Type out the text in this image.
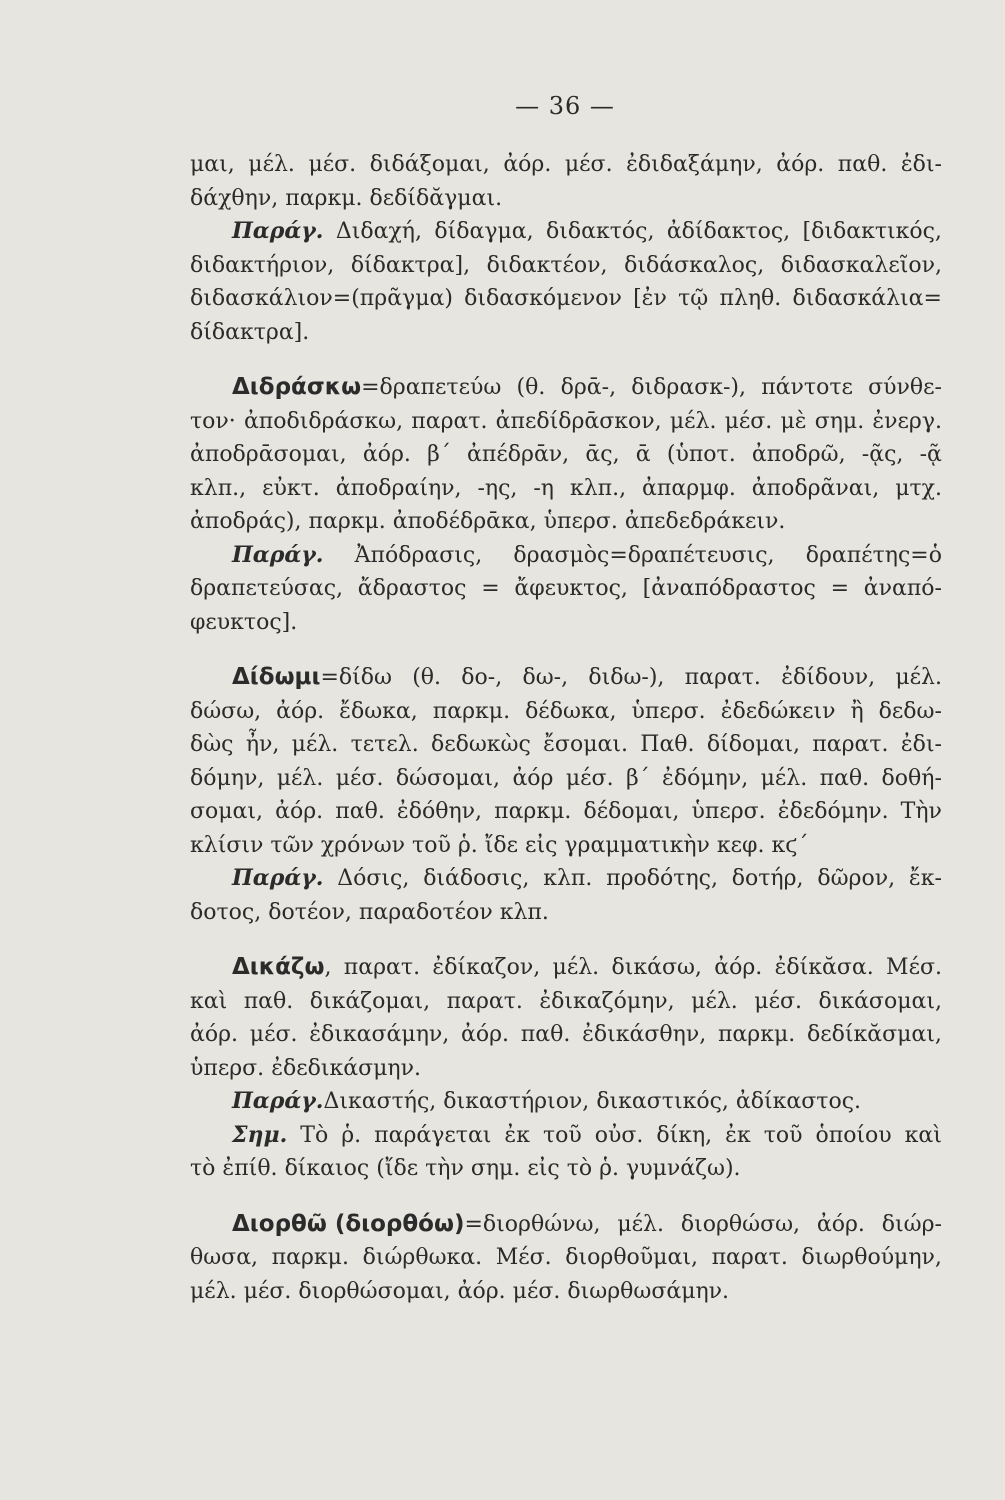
— 36 —
μαι, μέλ. μέσ. διδάξομαι, ἀόρ. μέσ. ἐδιδαξάμην, ἀόρ. παθ. ἐδι-
δάχθην,
παρκμ.
δεδίδᾰγμαι.
Παράγ. Διδαχή, δίδαγμα, διδακτός, ἀδίδακτος, [διδακτικός,
διδακτήριον, δίδακτρα], διδακτέον, διδάσκαλος, διδασκαλεῖον,
διδασκάλιον=(πρᾶγμα) διδασκόμενον [ἐν τῷ πληθ. διδασκάλια=
δίδακτρα].
Διδράσκω=δραπετεύω (θ. δρᾱ-, διδρασκ-), πάντοτε σύνθε-
τον· ἀποδιδράσκω, παρατ. ἀπεδίδρᾱσκον, μέλ. μέσ. μὲ σημ. ἐνεργ.
ἀποδρᾱσομαι, ἀόρ. β΄ ἀπέδρᾱν, ᾱς, ᾱ (ὑποτ. ἀποδρῶ, -ᾷς, -ᾷ
κλπ., εὐκτ. ἀποδραίην, -ης, -η κλπ., ἀπαρμφ. ἀποδρᾶναι, μτχ.
ἀποδράς),
παρκμ.
ἀποδέδρᾱκα,
ὑπερσ.
ἀπεδεδράκειν.
Παράγ. Ἀπόδρασις, δρασμὸς=δραπέτευσις, δραπέτης=ὁ
δραπετεύσας, ἄδραστος = ἄφευκτος, [ἀναπόδραστος = ἀναπό-
φευκτος].
Δίδωμι=δίδω (θ. δο-, δω-, διδω-), παρατ. ἐδίδουν, μέλ.
δώσω, ἀόρ. ἔδωκα, παρκμ. δέδωκα, ὑπερσ. ἐδεδώκειν ἢ δεδω-
δὼς ἦν, μέλ. τετελ. δεδωκὼς ἔσομαι. Παθ. δίδομαι, παρατ. ἐδι-
δόμην, μέλ. μέσ. δώσομαι, ἀόρ μέσ. β΄ ἐδόμην, μέλ. παθ. δοθή-
σομαι, ἀόρ. παθ. ἐδόθην, παρκμ. δέδομαι, ὑπερσ. ἐδεδόμην. Τὴν
κλίσιν
τῶν
χρόνων
τοῦ
ῥ.
ἴδε
εἰς
γραμματικὴν
κεφ.
κϛ΄
Παράγ. Δόσις, διάδοσις, κλπ. προδότης, δοτήρ, δῶρον, ἔκ-
δοτος,
δοτέον,
παραδοτέον
κλπ.
Δικάζω, παρατ. ἐδίκαζον, μέλ. δικάσω, ἀόρ. ἐδίκᾰσα. Μέσ.
καὶ παθ. δικάζομαι, παρατ. ἐδικαζόμην, μέλ. μέσ. δικάσομαι,
ἀόρ. μέσ. ἐδικασάμην, ἀόρ. παθ. ἐδικάσθην, παρκμ. δεδίκᾰσμαι,
ὑπερσ.
ἐδεδικάσμην.
Παράγ. Δικαστής,
δικαστήριον,
δικαστικός,
ἀδίκαστος.
Σημ. Τὸ ῥ. παράγεται ἐκ τοῦ οὐσ. δίκη, ἐκ τοῦ ὁποίου καὶ
τὸ
ἐπίθ.
δίκαιος
(ἴδε
τὴν
σημ.
εἰς
τὸ
ῥ.
γυμνάζω).
Διορθῶ (διορθόω)=διορθώνω, μέλ. διορθώσω, ἀόρ. διώρ-
θωσα, παρκμ. διώρθωκα. Μέσ. διορθοῦμαι, παρατ. διωρθούμην,
μέλ.
μέσ.
διορθώσομαι,
ἀόρ.
μέσ.
διωρθωσάμην.
